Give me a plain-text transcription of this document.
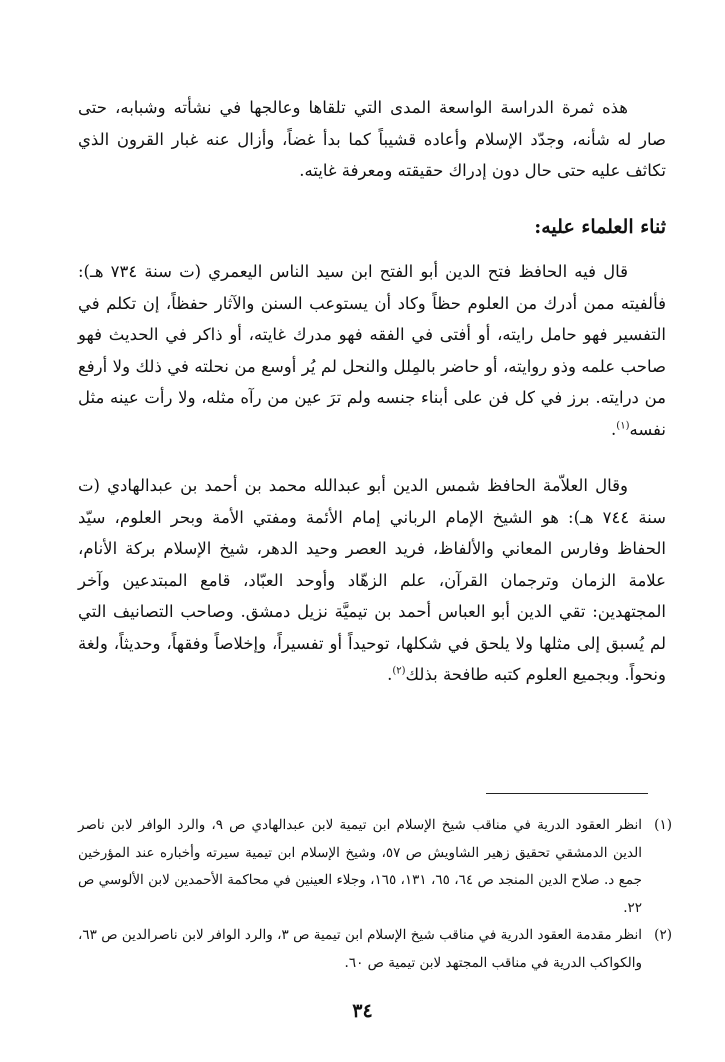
هذه ثمرة الدراسة الواسعة المدى التي تلقاها وعالجها في نشأته وشبابه، حتى صار له شأنه، وجدّد الإسلام وأعاده قشيباً كما بدأ غضاً، وأزال عنه غبار القرون الذي تكاثف عليه حتى حال دون إدراك حقيقته ومعرفة غايته.

ثناء العلماء عليه:

قال فيه الحافظ فتح الدين أبو الفتح ابن سيد الناس اليعمري (ت سنة ٧٣٤ هـ): فألفيته ممن أدرك من العلوم حظاً وكاد أن يستوعب السنن والآثار حفظاً، إن تكلم في التفسير فهو حامل رايته، أو أفتى في الفقه فهو مدرك غايته، أو ذاكر في الحديث فهو صاحب علمه وذو روايته، أو حاضر بالمِلل والنحل لم يُر أوسع من نحلته في ذلك ولا أرفع من درايته. برز في كل فن على أبناء جنسه ولم ترَ عين من رآه مثله، ولا رأت عينه مثل نفسه$^{(١)}$.

وقال العلاّمة الحافظ شمس الدين أبو عبدالله محمد بن أحمد بن عبدالهادي (ت سنة ٧٤٤ هـ): هو الشيخ الإمام الرباني إمام الأئمة ومفتي الأمة وبحر العلوم، سيّد الحفاظ وفارس المعاني والألفاظ، فريد العصر وحيد الدهر، شيخ الإسلام بركة الأنام، علامة الزمان وترجمان القرآن، علم الزهّاد وأوحد العبّاد، قامع المبتدعين وآخر المجتهدين: تقي الدين أبو العباس أحمد بن تيميَّة نزيل دمشق. وصاحب التصانيف التي لم يُسبق إلى مثلها ولا يلحق في شكلها، توحيداً أو تفسيراً، وإخلاصاً وفقهاً، وحديثاً، ولغة ونحواً. وبجميع العلوم كتبه طافحة بذلك$^{(٢)}$.

(١)
انظر العقود الدرية في مناقب شيخ الإسلام ابن تيمية لابن عبدالهادي ص ٩، والرد الوافر لابن ناصر الدين الدمشقي تحقيق زهير الشاويش ص ٥٧، وشيخ الإسلام ابن تيمية سيرته وأخباره عند المؤرخين جمع د. صلاح الدين المنجد ص ٦٤، ٦٥، ١٣١، ١٦٥، وجلاء العينين في محاكمة الأحمدين لابن الألوسي ص ٢٢.
(٢)
انظر مقدمة العقود الدرية في مناقب شيخ الإسلام ابن تيمية ص ٣، والرد الوافر لابن ناصرالدين ص ٦٣، والكواكب الدرية في مناقب المجتهد لابن تيمية ص ٦٠.
٣٤
